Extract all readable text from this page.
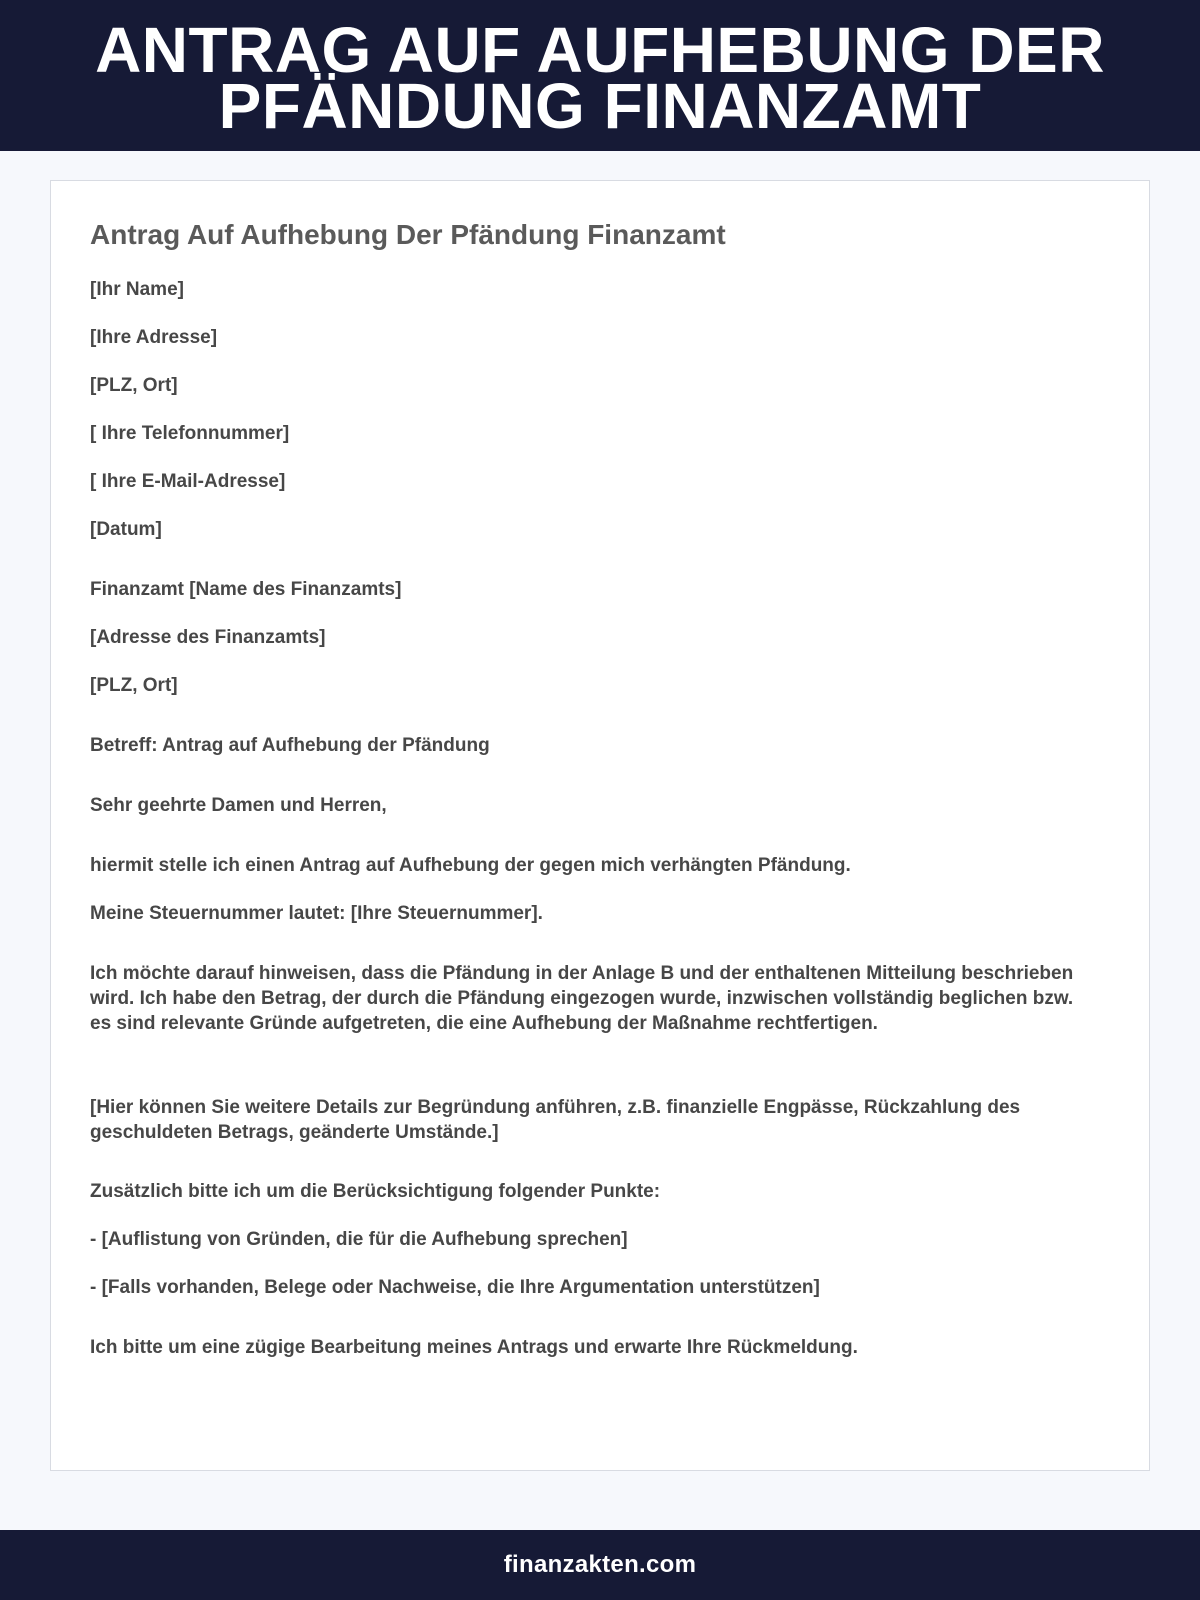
ANTRAG AUF AUFHEBUNG DER PFÄNDUNG FINANZAMT
Antrag Auf Aufhebung Der Pfändung Finanzamt
[Ihr Name]
[Ihre Adresse]
[PLZ, Ort]
[ Ihre Telefonnummer]
[ Ihre E-Mail-Adresse]
[Datum]
Finanzamt [Name des Finanzamts]
[Adresse des Finanzamts]
[PLZ, Ort]
Betreff: Antrag auf Aufhebung der Pfändung
Sehr geehrte Damen und Herren,
hiermit stelle ich einen Antrag auf Aufhebung der gegen mich verhängten Pfändung.
Meine Steuernummer lautet: [Ihre Steuernummer].

Ich möchte darauf hinweisen, dass die Pfändung in der Anlage B und der enthaltenen Mitteilung beschrieben wird. Ich habe den Betrag, der durch die Pfändung eingezogen wurde, inzwischen vollständig beglichen bzw. es sind relevante Gründe aufgetreten, die eine Aufhebung der Maßnahme rechtfertigen.

[Hier können Sie weitere Details zur Begründung anführen, z.B. finanzielle Engpässe, Rückzahlung des geschuldeten Betrags, geänderte Umstände.]

Zusätzlich bitte ich um die Berücksichtigung folgender Punkte:
- [Auflistung von Gründen, die für die Aufhebung sprechen]
- [Falls vorhanden, Belege oder Nachweise, die Ihre Argumentation unterstützen]
Ich bitte um eine zügige Bearbeitung meines Antrags und erwarte Ihre Rückmeldung.
finanzakten.com
